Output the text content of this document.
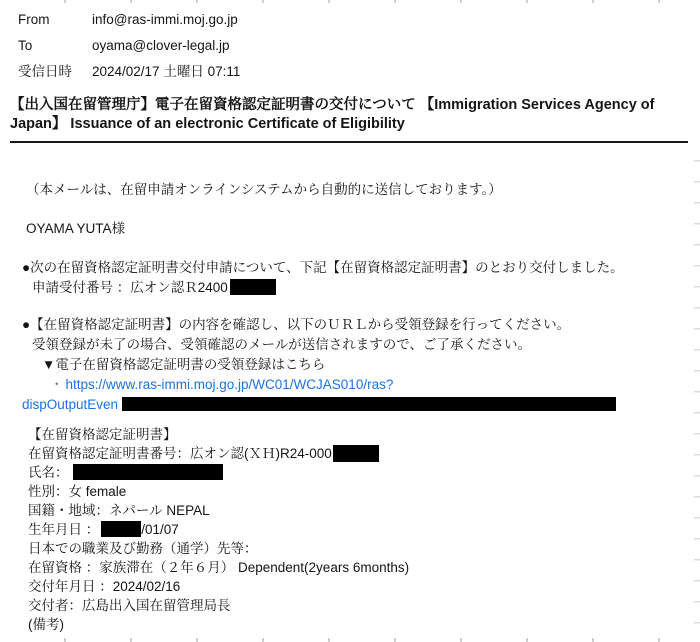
From	info@ras-immi.moj.go.jp
To	oyama@clover-legal.jp
受信日時	2024/02/17 土曜日 07:11
【出入国在留管理庁】電子在留資格認定証明書の交付について 【Immigration Services Agency of Japan】 Issuance of an electronic Certificate of Eligibility
（本メールは、在留申請オンラインシステムから自動的に送信しております。）
OYAMA YUTA様
●次の在留資格認定証明書交付申請について、下記【在留資格認定証明書】のとおり交付しました。
申請受付番号 ：広オン認Ｒ2400
●【在留資格認定証明書】の内容を確認し、以下のＵＲＬから受領登録を行ってください。
受領登録が未了の場合、受領確認のメールが送信されますので、ご了承ください。
▼電子在留資格認定証明書の受領登録はこちら
・ https://www.ras-immi.moj.go.jp/WC01/WCJAS010/ras?
dispOutputEven
【在留資格認定証明書】
在留資格認定証明書番号：広オン認(ＸＨ)R24-000
氏名：
性別：女 female
国籍・地域：ネパール NEPAL
生年月日 ：	/01/07
日本での職業及び勤務（通学）先等：
在留資格 ：家族滞在（２年６月） Dependent(2years 6months)
交付年月日 ：2024/02/16
交付者：広島出入国在留管理局長
(備考)
